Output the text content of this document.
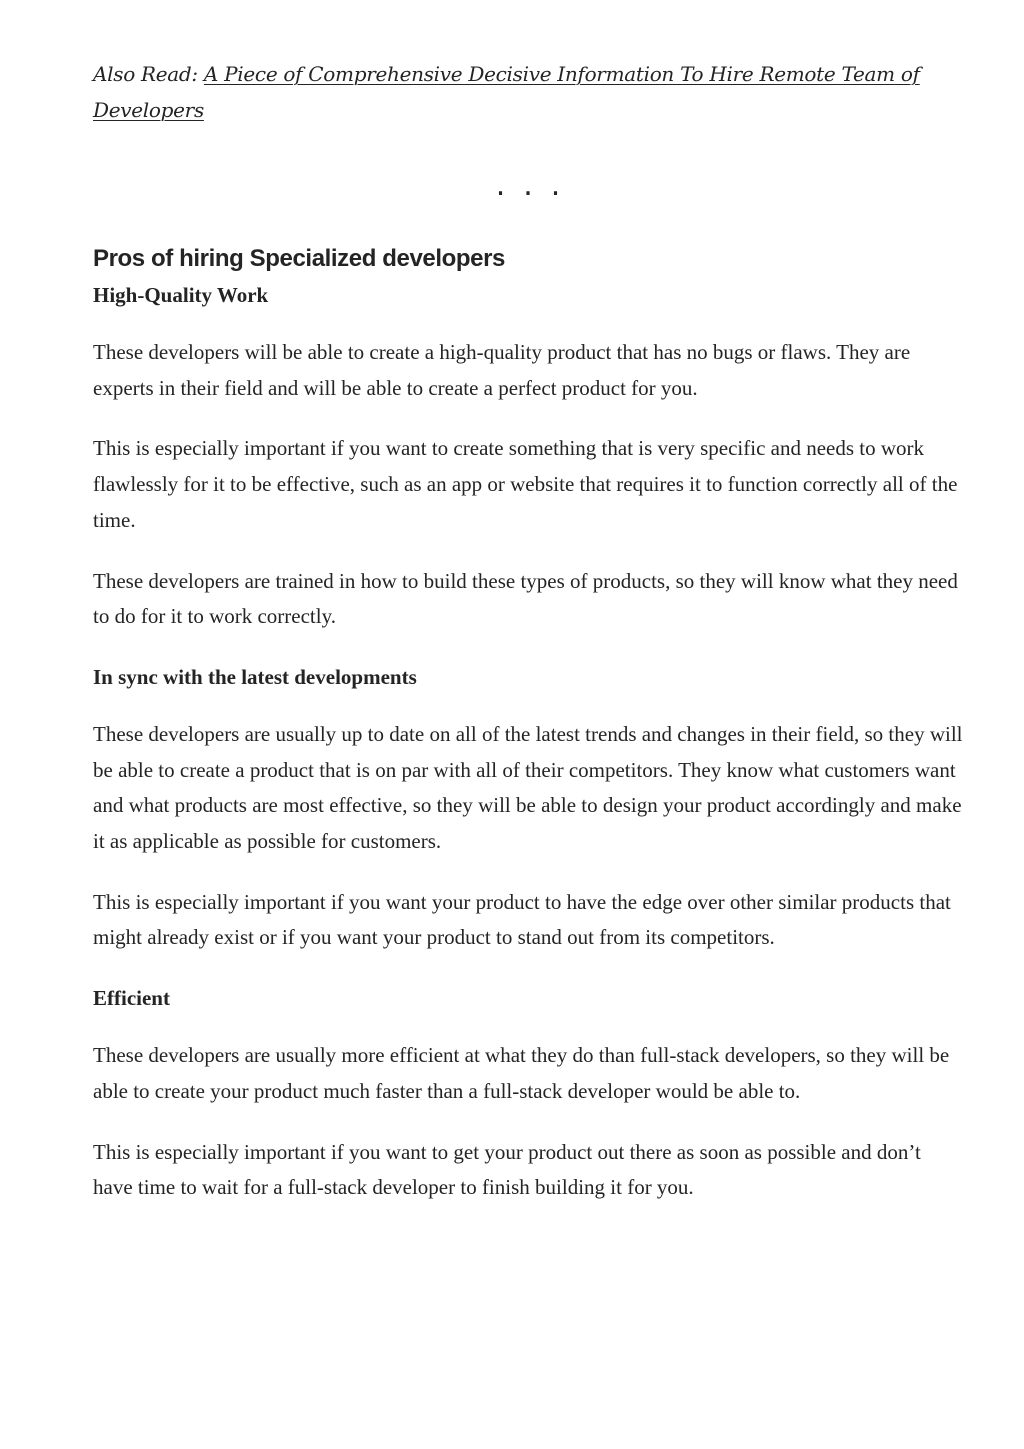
Also Read: A Piece of Comprehensive Decisive Information To Hire Remote Team of Developers

...
Pros of hiring Specialized developers
High-Quality Work

These developers will be able to create a high-quality product that has no bugs or flaws. They are experts in their field and will be able to create a perfect product for you.

This is especially important if you want to create something that is very specific and needs to work flawlessly for it to be effective, such as an app or website that requires it to function correctly all of the time.

These developers are trained in how to build these types of products, so they will know what they need to do for it to work correctly.

In sync with the latest developments

These developers are usually up to date on all of the latest trends and changes in their field, so they will be able to create a product that is on par with all of their competitors. They know what customers want and what products are most effective, so they will be able to design your product accordingly and make it as applicable as possible for customers.

This is especially important if you want your product to have the edge over other similar products that might already exist or if you want your product to stand out from its competitors.

Efficient

These developers are usually more efficient at what they do than full-stack developers, so they will be able to create your product much faster than a full-stack developer would be able to.

This is especially important if you want to get your product out there as soon as possible and don’t have time to wait for a full-stack developer to finish building it for you.
